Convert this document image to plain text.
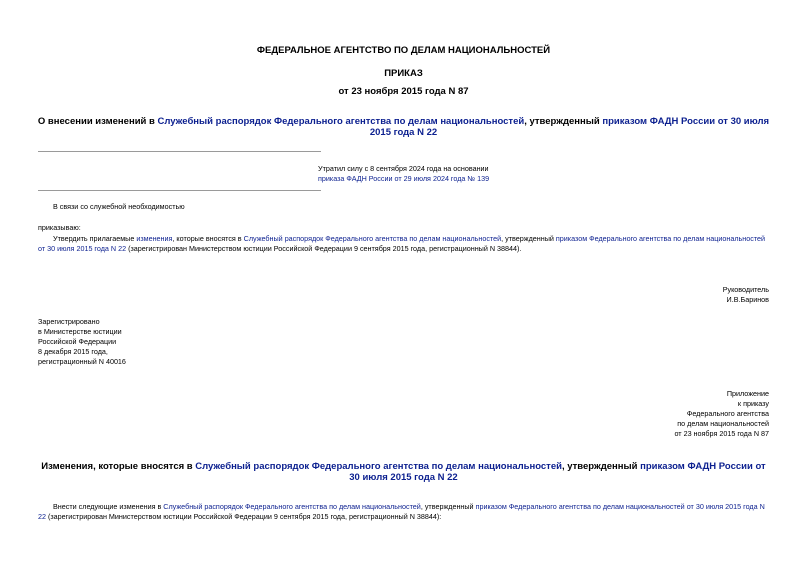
ФЕДЕРАЛЬНОЕ АГЕНТСТВО ПО ДЕЛАМ НАЦИОНАЛЬНОСТЕЙ
ПРИКАЗ
от 23 ноября 2015 года N 87
О внесении изменений в Служебный распорядок Федерального агентства по делам национальностей, утвержденный приказом ФАДН России от 30 июля 2015 года N 22

Утратил силу с 8 сентября 2024 года на основании

приказа ФАДН России от 29 июля 2024 года № 139

В связи со служебной необходимостью
приказываю:
Утвердить прилагаемые изменения, которые вносятся в Служебный распорядок Федерального агентства по делам национальностей, утвержденный приказом Федерального агентства по делам национальностей от 30 июля 2015 года N 22 (зарегистрирован Министерством юстиции Российской Федерации 9 сентября 2015 года, регистрационный N 38844).

Руководитель

И.В.Баринов

Зарегистрировано

в Министерстве юстиции

Российской Федерации

8 декабря 2015 года,

регистрационный N 40016

Приложение

к приказу

Федерального агентства

по делам национальностей

от 23 ноября 2015 года N 87

Изменения, которые вносятся в Служебный распорядок Федерального агентства по делам национальностей, утвержденный приказом ФАДН России от 30 июля 2015 года N 22
Внести следующие изменения в Служебный распорядок Федерального агентства по делам национальностей, утвержденный приказом Федерального агентства по делам национальностей от 30 июля 2015 года N 22 (зарегистрирован Министерством юстиции Российской Федерации 9 сентября 2015 года, регистрационный N 38844):
